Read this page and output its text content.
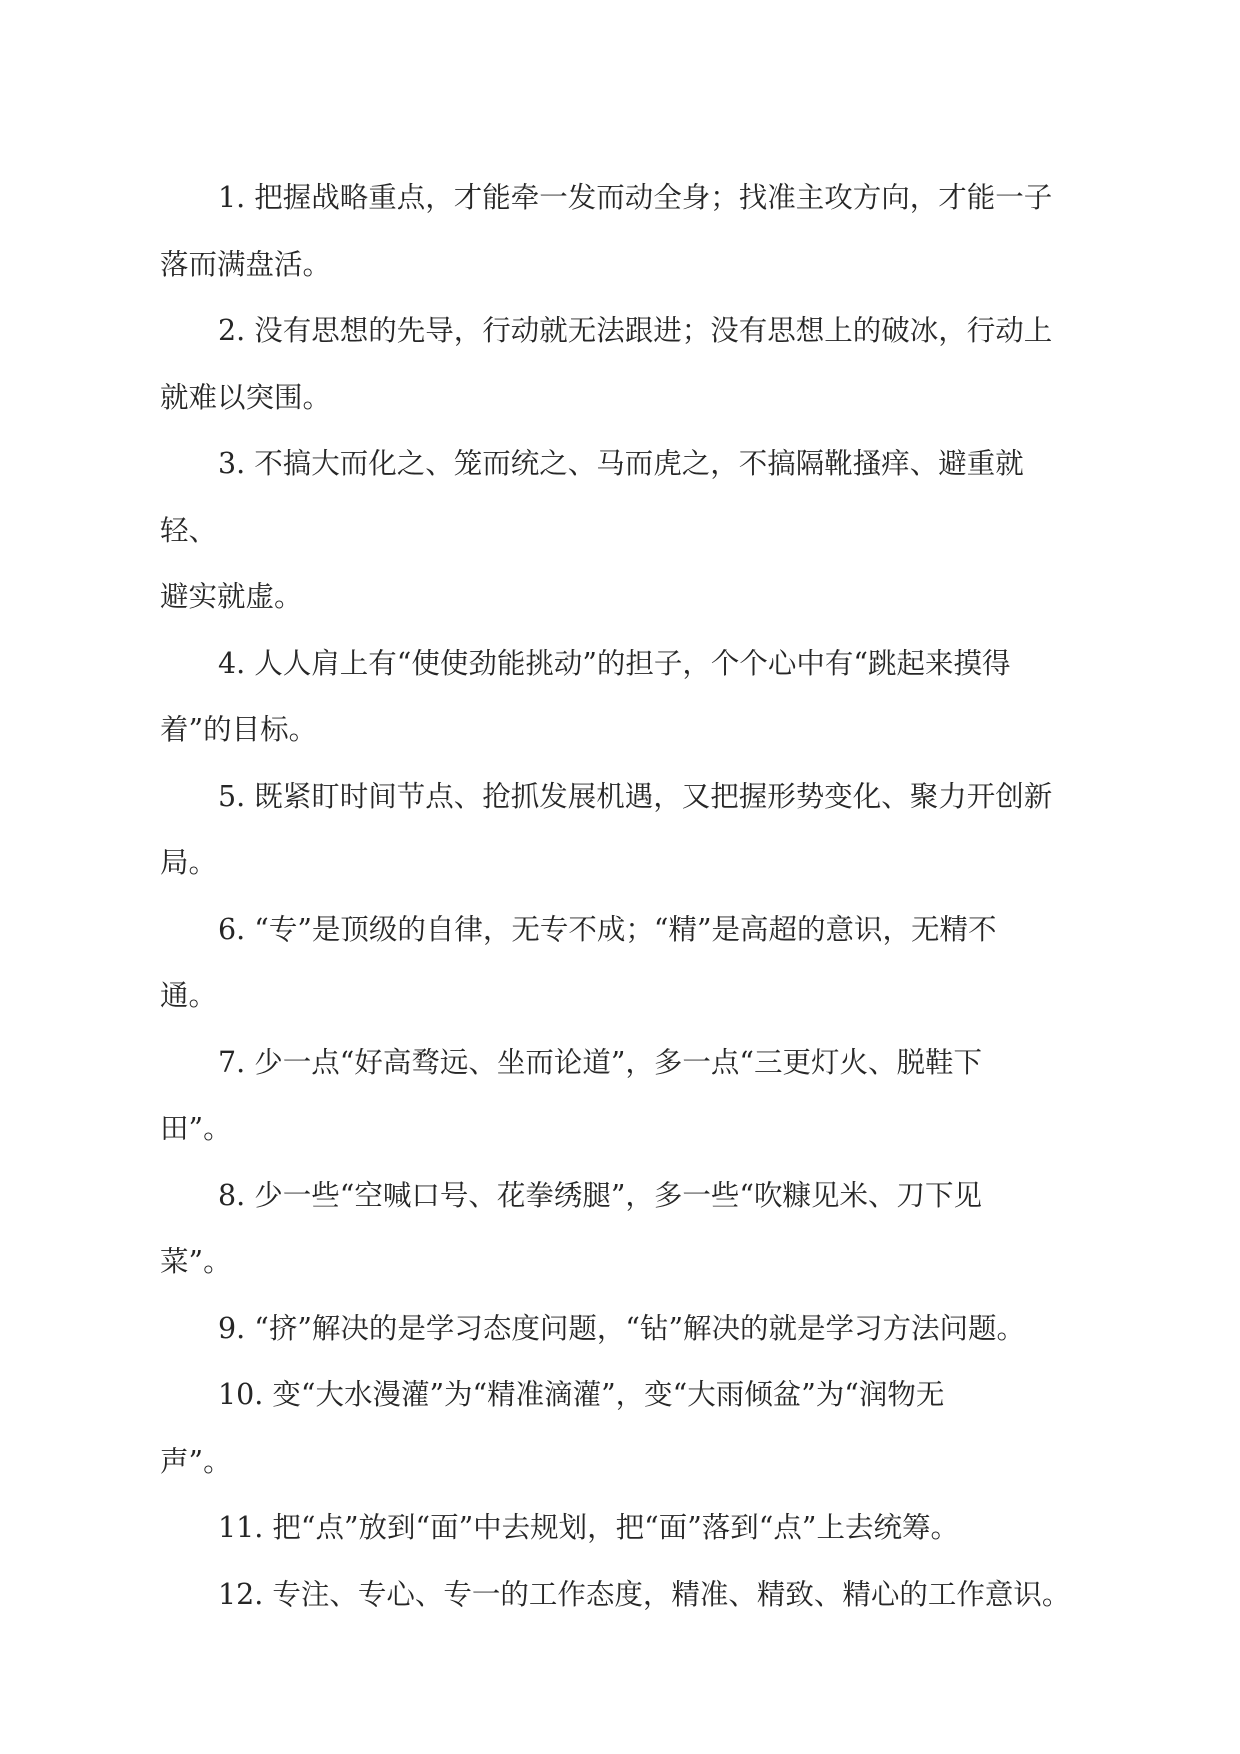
1. 把握战略重点，才能牵一发而动全身；找准主攻方向，才能一子
落而满盘活。

2. 没有思想的先导，行动就无法跟进；没有思想上的破冰，行动上
就难以突围。

3. 不搞大而化之、笼而统之、马而虎之，不搞隔靴搔痒、避重就轻、
避实就虚。

4. 人人肩上有“使使劲能挑动”的担子，个个心中有“跳起来摸得
着”的目标。

5. 既紧盯时间节点、抢抓发展机遇，又把握形势变化、聚力开创新
局。

6. “专”是顶级的自律，无专不成；“精”是高超的意识，无精不
通。

7. 少一点“好高骛远、坐而论道”，多一点“三更灯火、脱鞋下
田”。

8. 少一些“空喊口号、花拳绣腿”，多一些“吹糠见米、刀下见
菜”。

9. “挤”解决的是学习态度问题，“钻”解决的就是学习方法问题。

10. 变“大水漫灌”为“精准滴灌”，变“大雨倾盆”为“润物无
声”。

11. 把“点”放到“面”中去规划，把“面”落到“点”上去统筹。

12. 专注、专心、专一的工作态度，精准、精致、精心的工作意识。
